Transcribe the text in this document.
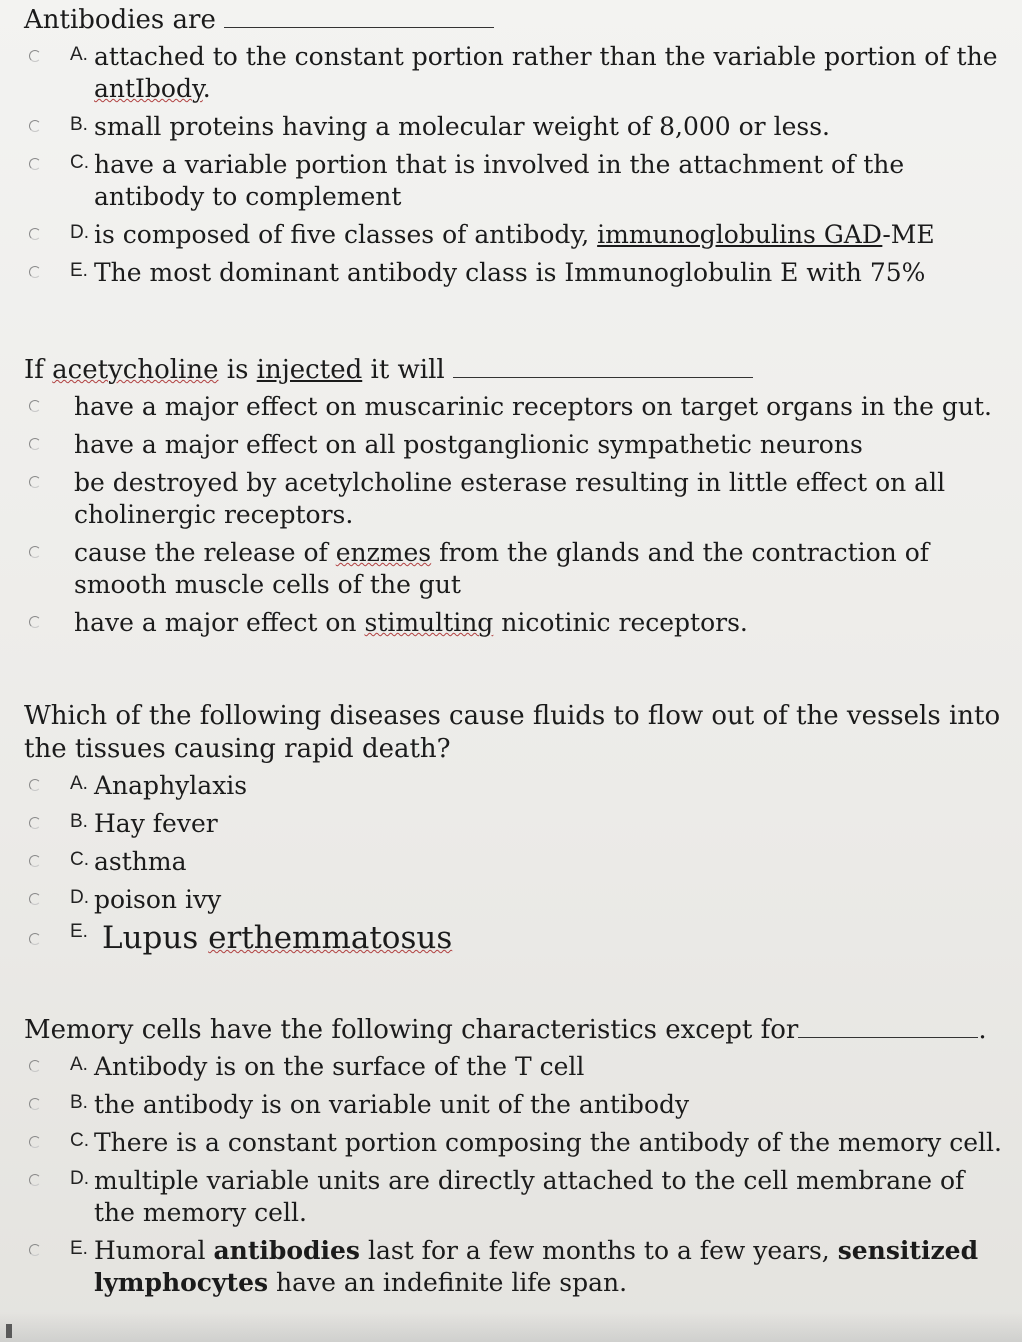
Antibodies are

A. attached to the constant portion rather than the variable portion of the antIbody.
B. small proteins having a molecular weight of 8,000 or less.
C. have a variable portion that is involved in the attachment of the antibody to complement
D. is composed of five classes of antibody, immunoglobulins GAD-ME
E. The most dominant antibody class is Immunoglobulin E with 75%

If acetycholine is injected it will

have a major effect on muscarinic receptors on target organs in the gut.
have a major effect on all postganglionic sympathetic neurons
be destroyed by acetylcholine esterase resulting in little effect on all cholinergic receptors.
cause the release of enzmes from the glands and the contraction of smooth muscle cells of the gut
have a major effect on stimulting nicotinic receptors.

Which of the following diseases cause fluids to flow out of the vessels into the tissues causing rapid death?

A. Anaphylaxis
B. Hay fever
C. asthma
D. poison ivy
E. Lupus erthemmatosus

Memory cells have the following characteristics except for	.

A. Antibody is on the surface of the T cell
B. the antibody is on variable unit of the antibody
C. There is a constant portion composing the antibody of the memory cell.
D. multiple variable units are directly attached to the cell membrane of the memory cell.
E. Humoral antibodies last for a few months to a few years, sensitized lymphocytes have an indefinite life span.
